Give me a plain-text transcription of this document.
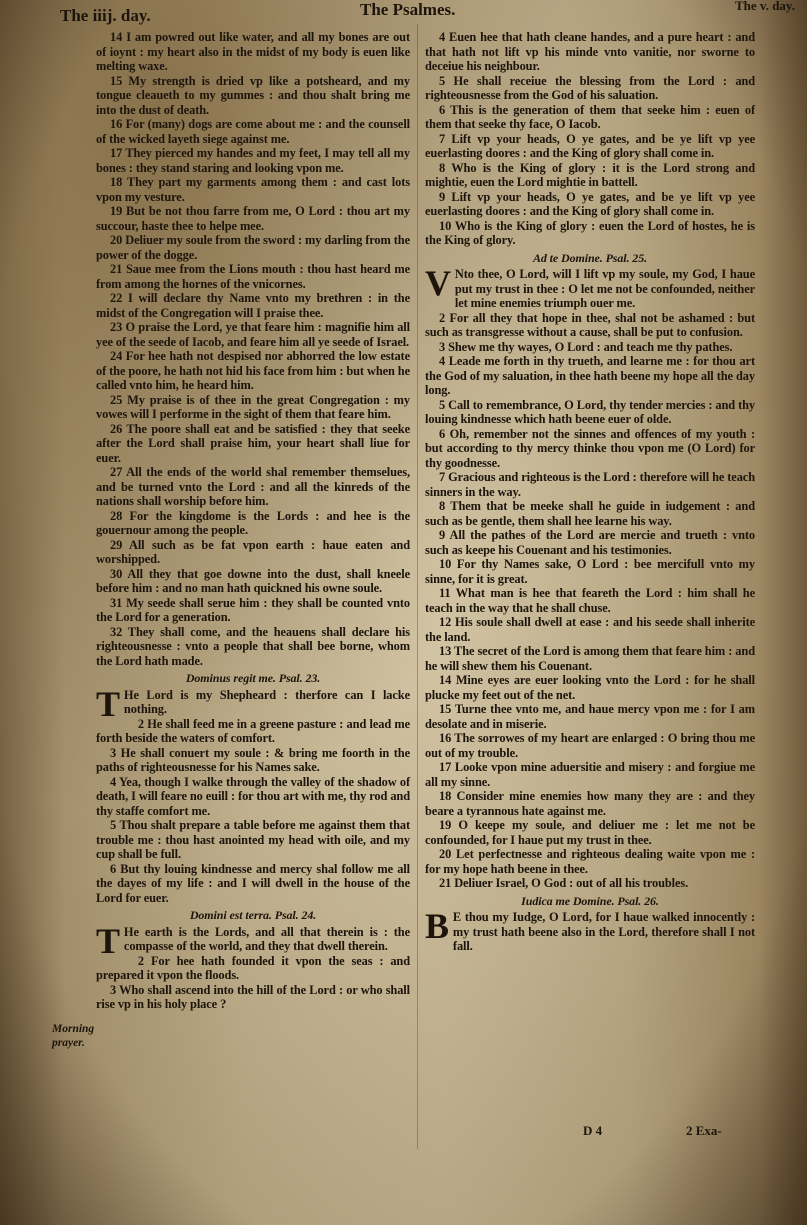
The iiij. day.	The Psalmes.	The v. day.
Morning prayer.

14 I am powred out like water, and all my bones are out of ioynt : my heart also in the midst of my body is euen like melting waxe.

15 My strength is dried vp like a potsheard, and my tongue cleaueth to my gummes : and thou shalt bring me into the dust of death.

16 For (many) dogs are come about me : and the counsell of the wicked layeth siege against me.

17 They pierced my handes and my feet, I may tell all my bones : they stand staring and looking vpon me.

18 They part my garments among them : and cast lots vpon my vesture.

19 But be not thou farre from me, O Lord : thou art my succour, haste thee to helpe mee.

20 Deliuer my soule from the sword : my darling from the power of the dogge.

21 Saue mee from the Lions mouth : thou hast heard me from among the hornes of the vnicornes.

22 I will declare thy Name vnto my brethren : in the midst of the Congregation will I praise thee.

23 O praise the Lord, ye that feare him : magnifie him all yee of the seede of Iacob, and feare him all ye seede of Israel.

24 For hee hath not despised nor abhorred the low estate of the poore, he hath not hid his face from him : but when he called vnto him, he heard him.

25 My praise is of thee in the great Congregation : my vowes will I performe in the sight of them that feare him.

26 The poore shall eat and be satisfied : they that seeke after the Lord shall praise him, your heart shall liue for euer.

27 All the ends of the world shal remember themselues, and be turned vnto the Lord : and all the kinreds of the nations shall worship before him.

28 For the kingdome is the Lords : and hee is the gouernour among the people.

29 All such as be fat vpon earth : haue eaten and worshipped.

30 All they that goe downe into the dust, shall kneele before him : and no man hath quickned his owne soule.

31 My seede shall serue him : they shall be counted vnto the Lord for a generation.

32 They shall come, and the heauens shall declare his righteousnesse : vnto a people that shall bee borne, whom the Lord hath made.

Dominus regit me. Psal. 23.

T He Lord is my Shepheard : therfore can I lacke nothing.

2 He shall feed me in a greene pasture : and lead me forth beside the waters of comfort.

3 He shall conuert my soule : & bring me foorth in the paths of righteousnesse for his Names sake.

4 Yea, though I walke through the valley of the shadow of death, I will feare no euill : for thou art with me, thy rod and thy staffe comfort me.

5 Thou shalt prepare a table before me against them that trouble me : thou hast anointed my head with oile, and my cup shall be full.

6 But thy louing kindnesse and mercy shal follow me all the dayes of my life : and I will dwell in the house of the Lord for euer.

Domini est terra. Psal. 24.

T He earth is the Lords, and all that therein is : the compasse of the world, and they that dwell therein.

2 For hee hath founded it vpon the seas : and prepared it vpon the floods.

3 Who shall ascend into the hill of the Lord : or who shall rise vp in his holy place ?

4 Euen hee that hath cleane handes, and a pure heart : and that hath not lift vp his minde vnto vanitie, nor sworne to deceiue his neighbour.

5 He shall receiue the blessing from the Lord : and righteousnesse from the God of his saluation.

6 This is the generation of them that seeke him : euen of them that seeke thy face, O Iacob.

7 Lift vp your heads, O ye gates, and be ye lift vp yee euerlasting doores : and the King of glory shall come in.

8 Who is the King of glory : it is the Lord strong and mightie, euen the Lord mightie in battell.

9 Lift vp your heads, O ye gates, and be ye lift vp yee euerlasting doores : and the King of glory shall come in.

10 Who is the King of glory : euen the Lord of hostes, he is the King of glory.

Ad te Domine. Psal. 25.

V Nto thee, O Lord, will I lift vp my soule, my God, I haue put my trust in thee : O let me not be confounded, neither let mine enemies triumph ouer me.

2 For all they that hope in thee, shal not be ashamed : but such as transgresse without a cause, shall be put to confusion.

3 Shew me thy wayes, O Lord : and teach me thy pathes.

4 Leade me forth in thy trueth, and learne me : for thou art the God of my saluation, in thee hath beene my hope all the day long.

5 Call to remembrance, O Lord, thy tender mercies : and thy louing kindnesse which hath beene euer of olde.

6 Oh, remember not the sinnes and offences of my youth : but according to thy mercy thinke thou vpon me (O Lord) for thy goodnesse.

7 Gracious and righteous is the Lord : therefore will he teach sinners in the way.

8 Them that be meeke shall he guide in iudgement : and such as be gentle, them shall hee learne his way.

9 All the pathes of the Lord are mercie and trueth : vnto such as keepe his Couenant and his testimonies.

10 For thy Names sake, O Lord : bee mercifull vnto my sinne, for it is great.

11 What man is hee that feareth the Lord : him shall he teach in the way that he shall chuse.

12 His soule shall dwell at ease : and his seede shall inherite the land.

13 The secret of the Lord is among them that feare him : and he will shew them his Couenant.

14 Mine eyes are euer looking vnto the Lord : for he shall plucke my feet out of the net.

15 Turne thee vnto me, and haue mercy vpon me : for I am desolate and in miserie.

16 The sorrowes of my heart are enlarged : O bring thou me out of my trouble.

17 Looke vpon mine aduersitie and misery : and forgiue me all my sinne.

18 Consider mine enemies how many they are : and they beare a tyrannous hate against me.

19 O keepe my soule, and deliuer me : let me not be confounded, for I haue put my trust in thee.

20 Let perfectnesse and righteous dealing waite vpon me : for my hope hath beene in thee.

21 Deliuer Israel, O God : out of all his troubles.

Iudica me Domine. Psal. 26.

B E thou my Iudge, O Lord, for I haue walked innocently : my trust hath beene also in the Lord, therefore shall I not fall.

D 4	2 Exa-
